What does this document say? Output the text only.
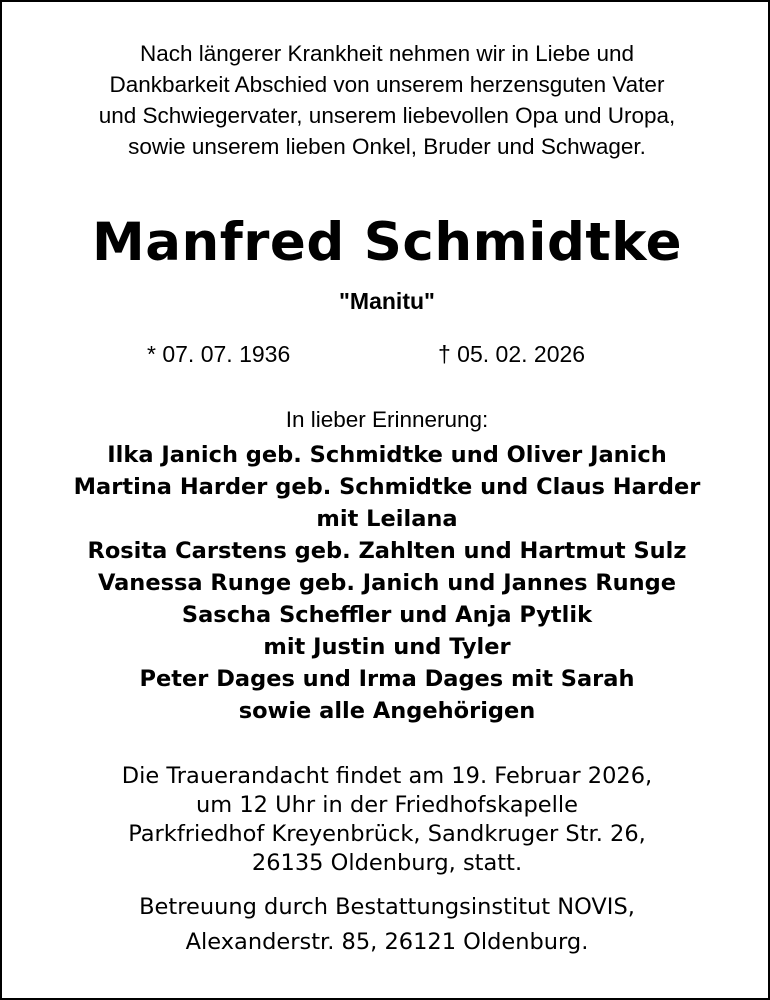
Nach längerer Krankheit nehmen wir in Liebe und
Dankbarkeit Abschied von unserem herzensguten Vater
und Schwiegervater, unserem liebevollen Opa und Uropa,
sowie unserem lieben Onkel, Bruder und Schwager.
Manfred Schmidtke
"Manitu"
* 07. 07. 1936	† 05. 02. 2026
In lieber Erinnerung:
Ilka Janich geb. Schmidtke und Oliver Janich
Martina Harder geb. Schmidtke und Claus Harder
mit Leilana
Rosita Carstens geb. Zahlten und Hartmut Sulz
Vanessa Runge geb. Janich und Jannes Runge
Sascha Scheffler und Anja Pytlik
mit Justin und Tyler
Peter Dages und Irma Dages mit Sarah
sowie alle Angehörigen
Die Trauerandacht findet am 19. Februar 2026,
um 12 Uhr in der Friedhofskapelle
Parkfriedhof Kreyenbrück, Sandkruger Str. 26,
26135 Oldenburg, statt.
Betreuung durch Bestattungsinstitut NOVIS,
Alexanderstr. 85, 26121 Oldenburg.
